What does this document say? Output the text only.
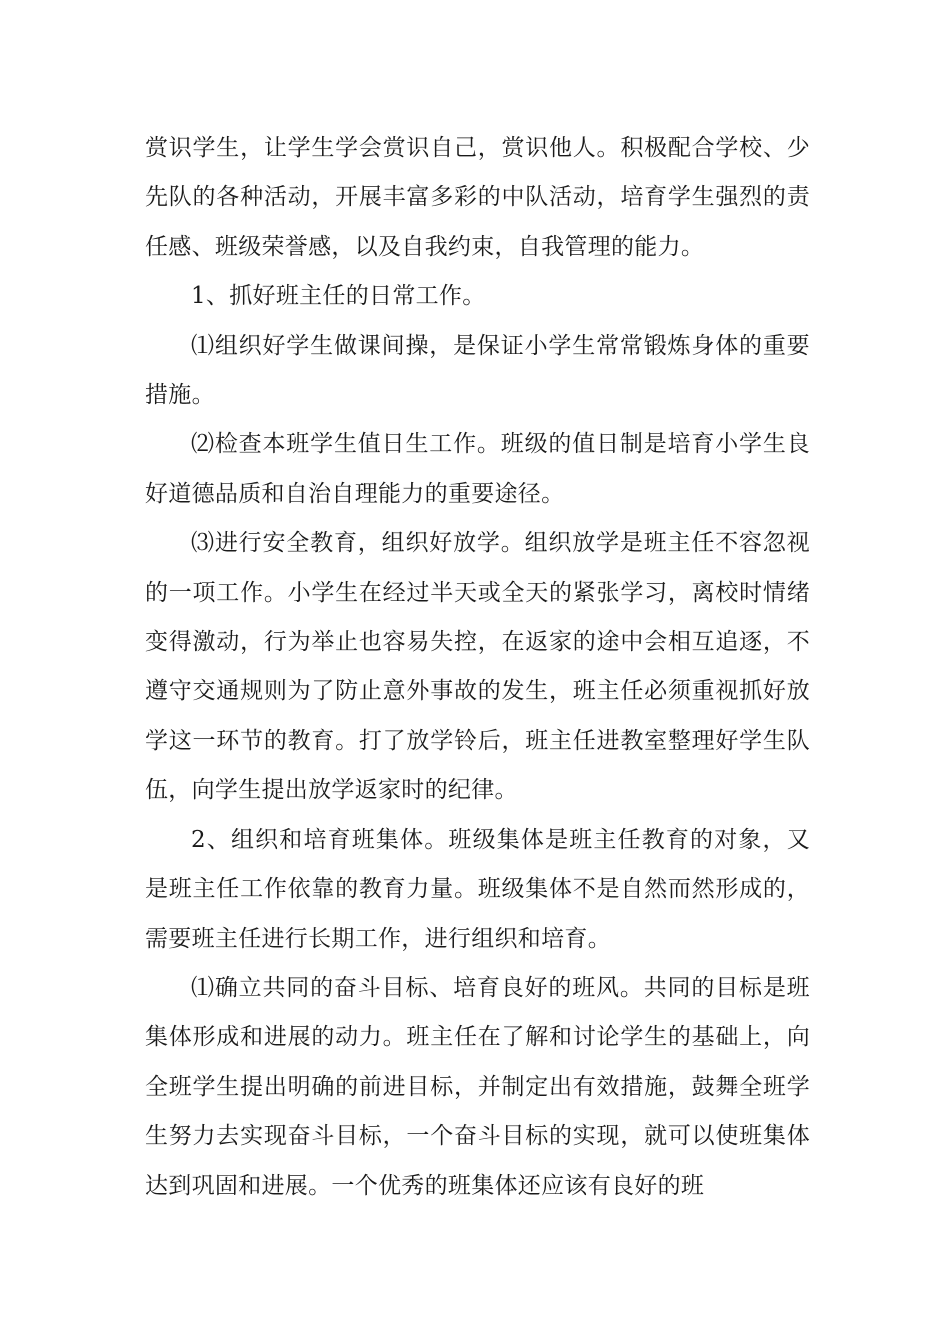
赏识学生，让学生学会赏识自己，赏识他人。积极配合学校、少先队的各种活动，开展丰富多彩的中队活动，培育学生强烈的责任感、班级荣誉感，以及自我约束，自我管理的能力。

1、抓好班主任的日常工作。

⑴组织好学生做课间操，是保证小学生常常锻炼身体的重要措施。

⑵检查本班学生值日生工作。班级的值日制是培育小学生良好道德品质和自治自理能力的重要途径。

⑶进行安全教育，组织好放学。组织放学是班主任不容忽视的一项工作。小学生在经过半天或全天的紧张学习，离校时情绪变得激动，行为举止也容易失控，在返家的途中会相互追逐，不遵守交通规则为了防止意外事故的发生，班主任必须重视抓好放学这一环节的教育。打了放学铃后，班主任进教室整理好学生队伍，向学生提出放学返家时的纪律。

2、组织和培育班集体。班级集体是班主任教育的对象，又是班主任工作依靠的教育力量。班级集体不是自然而然形成的，需要班主任进行长期工作，进行组织和培育。

⑴确立共同的奋斗目标、培育良好的班风。共同的目标是班集体形成和进展的动力。班主任在了解和讨论学生的基础上，向全班学生提出明确的前进目标，并制定出有效措施，鼓舞全班学生努力去实现奋斗目标，一个奋斗目标的实现，就可以使班集体达到巩固和进展。一个优秀的班集体还应该有良好的班
